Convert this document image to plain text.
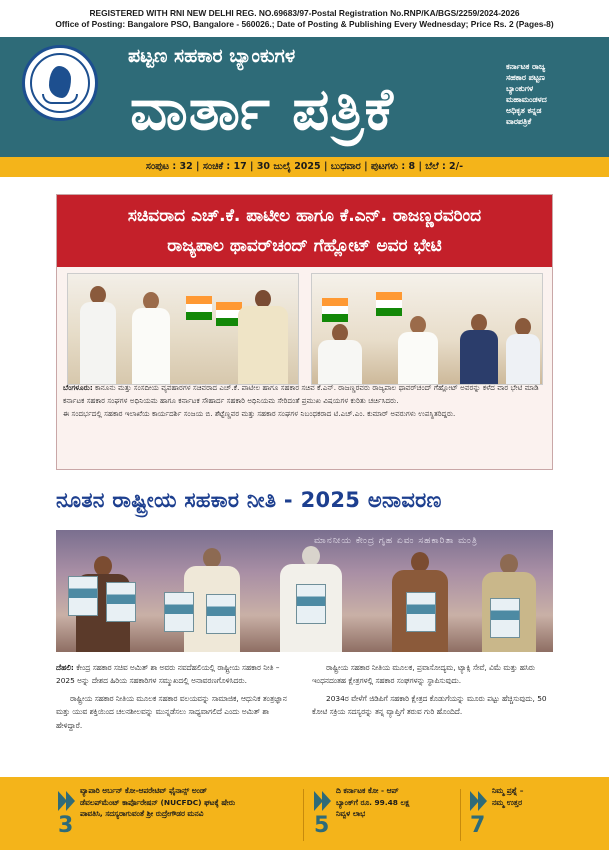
REGISTERED WITH RNI NEW DELHI REG. NO.69683/97-Postal Registration No.RNP/KA/BGS/2259/2024-2026
Office of Posting: Bangalore PSO, Bangalore - 560026.; Date of Posting & Publishing Every Wednesday; Price Rs. 2 (Pages-8)
ಪಟ್ಟಣ ಸಹಕಾರ ಬ್ಯಾಂಕುಗಳ
ವಾರ್ತಾ ಪತ್ರಿಕೆ
ಕರ್ನಾಟಕ ರಾಜ್ಯ
ಸಹಕಾರ ಪಟ್ಟಣ
ಬ್ಯಾಂಕುಗಳ
ಮಹಾಮಂಡಳದ
ಅಧಿಕೃತ ಕನ್ನಡ
ವಾರಪತ್ರಿಕೆ
ಸಂಪುಟ : 32 | ಸಂಚಿಕೆ : 17 | 30 ಜುಲೈ 2025 | ಬುಧವಾರ | ಪುಟಗಳು : 8 | ಬೆಲೆ : 2/-
ಸಚಿವರಾದ ಎಚ್.ಕೆ. ಪಾಟೀಲ ಹಾಗೂ ಕೆ.ಎನ್. ರಾಜಣ್ಣರವರಿಂದ
ರಾಜ್ಯಪಾಲ ಥಾವರ್‌ಚಂದ್ ಗೆಹ್ಲೋಟ್ ಅವರ ಭೇಟಿ

ಬೆಂಗಳೂರು: ಕಾನೂನು ಮತ್ತು ಸಂಸದೀಯ ವ್ಯವಹಾರಗಳ ಸಚಿವರಾದ ಎಚ್.ಕೆ. ಪಾಟೀಲ ಹಾಗೂ ಸಹಕಾರ ಸಚಿವ ಕೆ.ಎನ್. ರಾಜಣ್ಣರವರು ರಾಜ್ಯಪಾಲ ಥಾವರ್‌ಚಂದ್ ಗೆಹ್ಲೋಟ್ ಅವರನ್ನು ಕಳೆದ ವಾರ ಭೇಟಿ ಮಾಡಿ ಕರ್ನಾಟಕ ಸಹಕಾರ ಸಂಘಗಳ ಅಧಿನಿಯಮ ಹಾಗೂ ಕರ್ನಾಟಕ ಸೌಹಾರ್ದ ಸಹಕಾರಿ ಅಧಿನಿಯಮ ಸೇರಿದಂತೆ ಪ್ರಮುಖ ವಿಷಯಗಳ ಕುರಿತು ಚರ್ಚಿಸಿದರು.

ಈ ಸಂದರ್ಭದಲ್ಲಿ ಸಹಕಾರ ಇಲಾಖೆಯ ಕಾರ್ಯದರ್ಶಿ ಸಂಜಯ ಬಿ. ಶೆಟ್ಟೆಣ್ಣವರ ಮತ್ತು ಸಹಕಾರ ಸಂಘಗಳ ನಿಬಂಧಕರಾದ ಟಿ.ಎಚ್.ಎಂ. ಕುಮಾರ್ ಅವರುಗಳು ಉಪಸ್ಥಿತರಿದ್ದರು.

ನೂತನ ರಾಷ್ಟ್ರೀಯ ಸಹಕಾರ ನೀತಿ - 2025 ಅನಾವರಣ
ಮಾನನೀಯ ಕೇಂದ್ರ ಗೃಹ ಏವಂ ಸಹಕಾರಿತಾ ಮಂತ್ರಿ

ದೆಹಲಿ: ಕೇಂದ್ರ ಸಹಕಾರ ಸಚಿವ ಅಮಿತ್ ಶಾ ಅವರು ನವದೆಹಲಿಯಲ್ಲಿ ರಾಷ್ಟ್ರೀಯ ಸಹಕಾರ ನೀತಿ – 2025 ಅನ್ನು ದೇಶದ ಹಿರಿಯ ಸಹಕಾರಿಗಳ ಸಮ್ಮುಖದಲ್ಲಿ ಅನಾವರಣಗೊಳಿಸಿದರು.

ರಾಷ್ಟ್ರೀಯ ಸಹಕಾರ ನೀತಿಯ ಮೂಲಕ ಸಹಕಾರ ವಲಯವನ್ನು ಸಾಮಾಜಿಕ, ಆಧುನಿಕ ತಂತ್ರಜ್ಞಾನ ಮತ್ತು ಯುವ ಶಕ್ತಿಯಿಂದ ಚಲನಶೀಲವನ್ನು ಮುನ್ನಡೆಸಲು ಸಾಧ್ಯವಾಗಲಿದೆ ಎಂದು ಅಮಿತ್ ಶಾ ಹೇಳಿದ್ದಾರೆ.

ರಾಷ್ಟ್ರೀಯ ಸಹಕಾರ ನೀತಿಯ ಮೂಲಕ, ಪ್ರವಾಸೋದ್ಯಮ, ಟ್ಯಾಕ್ಸಿ ಸೇವೆ, ವಿಮೆ ಮತ್ತು ಹಸಿರು ಇಂಧನದಂತಹ ಕ್ಷೇತ್ರಗಳಲ್ಲಿ ಸಹಕಾರ ಸಂಘಗಳನ್ನು ಸ್ಥಾಪಿಸುವುದು.

2034ರ ವೇಳೆಗೆ ಜಿಡಿಪಿಗೆ ಸಹಕಾರಿ ಕ್ಷೇತ್ರದ ಕೊಡುಗೆಯನ್ನು ಮೂರು ಪಟ್ಟು ಹೆಚ್ಚಿಸುವುದು, 50 ಕೋಟಿ ಸಕ್ರಿಯ ಸದಸ್ಯರನ್ನು ತನ್ನ ವ್ಯಾಪ್ತಿಗೆ ತರುವ ಗುರಿ ಹೊಂದಿದೆ.

ವ್ಯಾಪಾರಿ ಅರ್ಬನ್ ಕೋ-ಆಪರೇಟಿವ್ ಫೈನಾನ್ಸ್ ಅಂಡ್
ಡೆವಲಪ್‌ಮೆಂಟ್ ಕಾರ್ಪೊರೇಷನ್ (NUCFDC) ಘಟಕ್ಕೆ ಷೇರು
ಪಾವತಿಸಿ, ಸದಸ್ಯರಾಗುವಂತೆ ಶ್ರೀ ರುದ್ರೇಗೌಡರ ಮನವಿ
3
ದಿ ಕರ್ನಾಟಕ ಕೋ - ಆಪ್
ಬ್ಯಾಂಕ್‌ಗೆ ರೂ. 99.48 ಲಕ್ಷ
ನಿವ್ವಳ ಲಾಭ
5
ನಿಮ್ಮ ಪ್ರಶ್ನೆ –
ನಮ್ಮ ಉತ್ತರ
7
